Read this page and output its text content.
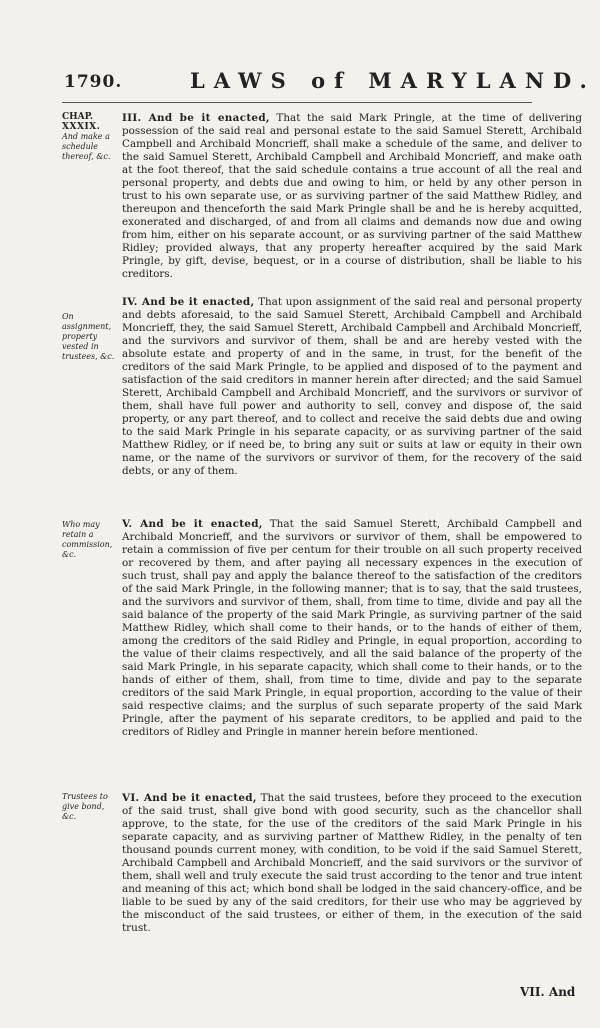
1790.	LAWS of MARYLAND.
CHAP.
XXXIX.
And make a schedule thereof, &c.
On assignment, property vested in trustees, &c.
Who may retain a commission, &c.
Trustees to give bond, &c.

III. And be it enacted, That the said Mark Pringle, at the time of delivering possession of the said real and personal estate to the said Samuel Sterett, Archibald Campbell and Archibald Moncrieff, shall make a schedule of the same, and deliver to the said Samuel Sterett, Archibald Campbell and Archibald Moncrieff, and make oath at the foot thereof, that the said schedule contains a true account of all the real and personal property, and debts due and owing to him, or held by any other person in trust to his own separate use, or as surviving partner of the said Matthew Ridley, and thereupon and thenceforth the said Mark Pringle shall be and he is hereby acquitted, exonerated and discharged, of and from all claims and demands now due and owing from him, either on his separate account, or as surviving partner of the said Matthew Ridley; provided always, that any property hereafter acquired by the said Mark Pringle, by gift, devise, bequest, or in a course of distribution, shall be liable to his creditors.

IV. And be it enacted, That upon assignment of the said real and personal property and debts aforesaid, to the said Samuel Sterett, Archibald Campbell and Archibald Moncrieff, they, the said Samuel Sterett, Archibald Campbell and Archibald Moncrieff, and the survivors and survivor of them, shall be and are hereby vested with the absolute estate and property of and in the same, in trust, for the benefit of the creditors of the said Mark Pringle, to be applied and disposed of to the payment and satisfaction of the said creditors in manner herein after directed; and the said Samuel Sterett, Archibald Campbell and Archibald Moncrieff, and the survivors or survivor of them, shall have full power and authority to sell, convey and dispose of, the said property, or any part thereof, and to collect and receive the said debts due and owing to the said Mark Pringle in his separate capacity, or as surviving partner of the said Matthew Ridley, or if need be, to bring any suit or suits at law or equity in their own name, or the name of the survivors or survivor of them, for the recovery of the said debts, or any of them.

V. And be it enacted, That the said Samuel Sterett, Archibald Campbell and Archibald Moncrieff, and the survivors or survivor of them, shall be empowered to retain a commission of five per centum for their trouble on all such property received or recovered by them, and after paying all necessary expences in the execution of such trust, shall pay and apply the balance thereof to the satisfaction of the creditors of the said Mark Pringle, in the following manner; that is to say, that the said trustees, and the survivors and survivor of them, shall, from time to time, divide and pay all the said balance of the property of the said Mark Pringle, as surviving partner of the said Matthew Ridley, which shall come to their hands, or to the hands of either of them, among the creditors of the said Ridley and Pringle, in equal proportion, according to the value of their claims respectively, and all the said balance of the property of the said Mark Pringle, in his separate capacity, which shall come to their hands, or to the hands of either of them, shall, from time to time, divide and pay to the separate creditors of the said Mark Pringle, in equal proportion, according to the value of their said respective claims; and the surplus of such separate property of the said Mark Pringle, after the payment of his separate creditors, to be applied and paid to the creditors of Ridley and Pringle in manner herein before mentioned.

VI. And be it enacted, That the said trustees, before they proceed to the execution of the said trust, shall give bond with good security, such as the chancellor shall approve, to the state, for the use of the creditors of the said Mark Pringle in his separate capacity, and as surviving partner of Matthew Ridley, in the penalty of ten thousand pounds current money, with condition, to be void if the said Samuel Sterett, Archibald Campbell and Archibald Moncrieff, and the said survivors or the survivor of them, shall well and truly execute the said trust according to the tenor and true intent and meaning of this act; which bond shall be lodged in the said chancery-office, and be liable to be sued by any of the said creditors, for their use who may be aggrieved by the misconduct of the said trustees, or either of them, in the execution of the said trust.

VII. And
